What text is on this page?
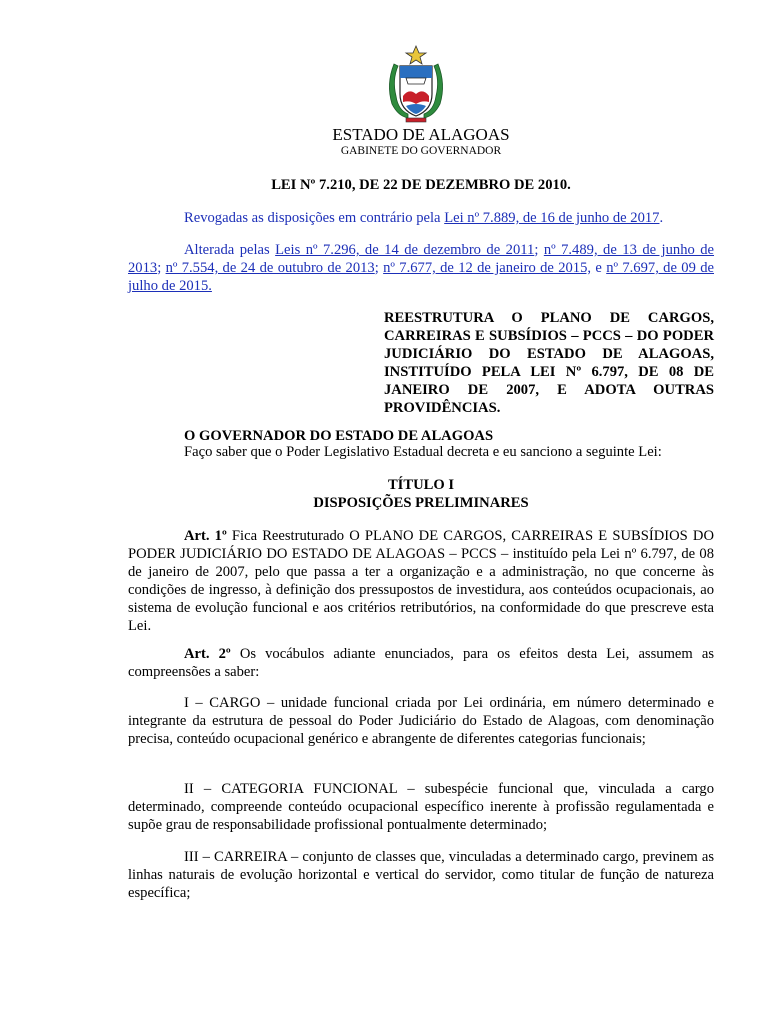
ESTADO DE ALAGOAS
GABINETE DO GOVERNADOR
LEI Nº 7.210, DE 22 DE DEZEMBRO DE 2010.

Revogadas as disposições em contrário pela Lei nº 7.889, de 16 de junho de 2017.

Alterada pelas Leis nº 7.296, de 14 de dezembro de 2011; nº 7.489, de 13 de junho de 2013; nº 7.554, de 24 de outubro de 2013; nº 7.677, de 12 de janeiro de 2015, e nº 7.697, de 09 de julho de 2015.

REESTRUTURA O PLANO DE CARGOS, CARREIRAS E SUBSÍDIOS – PCCS – DO PODER JUDICIÁRIO DO ESTADO DE ALAGOAS, INSTITUÍDO PELA LEI Nº 6.797, DE 08 DE JANEIRO DE 2007, E ADOTA OUTRAS PROVIDÊNCIAS.

O GOVERNADOR DO ESTADO DE ALAGOAS
Faço saber que o Poder Legislativo Estadual decreta e eu sanciono a seguinte Lei:
TÍTULO I
DISPOSIÇÕES PRELIMINARES

Art. 1º Fica Reestruturado O PLANO DE CARGOS, CARREIRAS E SUBSÍDIOS DO PODER JUDICIÁRIO DO ESTADO DE ALAGOAS – PCCS – instituído pela Lei nº 6.797, de 08 de janeiro de 2007, pelo que passa a ter a organização e a administração, no que concerne às condições de ingresso, à definição dos pressupostos de investidura, aos conteúdos ocupacionais, ao sistema de evolução funcional e aos critérios retributórios, na conformidade do que prescreve esta Lei.

Art. 2º Os vocábulos adiante enunciados, para os efeitos desta Lei, assumem as compreensões a saber:

I – CARGO – unidade funcional criada por Lei ordinária, em número determinado e integrante da estrutura de pessoal do Poder Judiciário do Estado de Alagoas, com denominação precisa, conteúdo ocupacional genérico e abrangente de diferentes categorias funcionais;

II – CATEGORIA FUNCIONAL – subespécie funcional que, vinculada a cargo determinado, compreende conteúdo ocupacional específico inerente à profissão regulamentada e supõe grau de responsabilidade profissional pontualmente determinado;

III – CARREIRA – conjunto de classes que, vinculadas a determinado cargo, previnem as linhas naturais de evolução horizontal e vertical do servidor, como titular de função de natureza específica;
